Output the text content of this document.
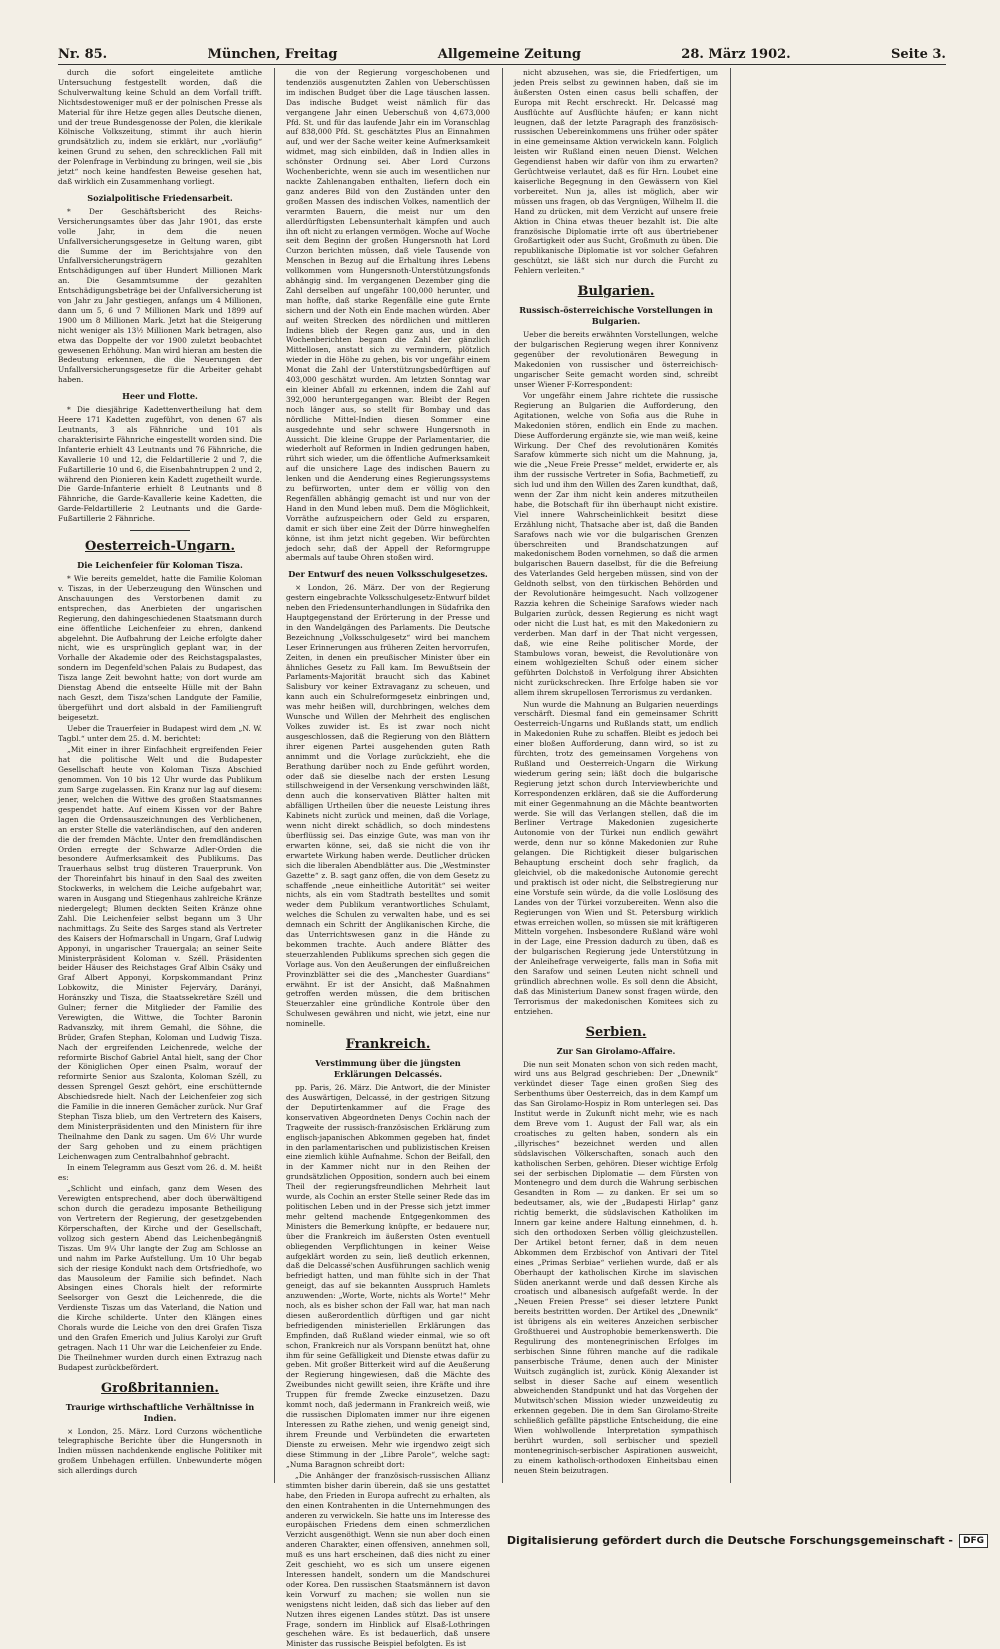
Nr. 85.	München, Freitag	Allgemeine Zeitung	28. März 1902.	Seite 3.

durch die sofort eingeleitete amtliche Untersuchung festgestellt worden, daß die Schulverwaltung keine Schuld an dem Vorfall trifft. Nichtsdestoweniger muß er der polnischen Presse als Material für ihre Hetze gegen alles Deutsche dienen, und der treue Bundesgenosse der Polen, die klerikale Kölnische Volkszeitung, stimmt ihr auch hierin grundsätzlich zu, indem sie erklärt, nur „vorläufig“ keinen Grund zu sehen, den schrecklichen Fall mit der Polenfrage in Verbindung zu bringen, weil sie „bis jetzt“ noch keine handfesten Beweise gesehen hat, daß wirklich ein Zusammenhang vorliegt.

Sozialpolitische Friedensarbeit.

* Der Geschäftsbericht des Reichs-Versicherungsamtes über das Jahr 1901, das erste volle Jahr, in dem die neuen Unfallversicherungsgesetze in Geltung waren, gibt die Summe der im Berichtsjahre von den Unfallversicherungsträgern gezahlten Entschädigungen auf über Hundert Millionen Mark an. Die Gesammtsumme der gezahlten Entschädigungsbeträge bei der Unfallversicherung ist von Jahr zu Jahr gestiegen, anfangs um 4 Millionen, dann um 5, 6 und 7 Millionen Mark und 1899 auf 1900 um 8 Millionen Mark. Jetzt hat die Steigerung nicht weniger als 13½ Millionen Mark betragen, also etwa das Doppelte der vor 1900 zuletzt beobachtet gewesenen Erhöhung. Man wird hieran am besten die Bedeutung erkennen, die die Neuerungen der Unfallversicherungsgesetze für die Arbeiter gehabt haben.

Heer und Flotte.

* Die diesjährige Kadettenvertheilung hat dem Heere 171 Kadetten zugeführt, von denen 67 als Leutnants, 3 als Fähnriche und 101 als charakterisirte Fähnriche eingestellt worden sind. Die Infanterie erhielt 43 Leutnants und 76 Fähnriche, die Kavallerie 10 und 12, die Feldartillerie 2 und 7, die Fußartillerie 10 und 6, die Eisenbahntruppen 2 und 2, während den Pionieren kein Kadett zugetheilt wurde. Die Garde-Infanterie erhielt 8 Leutnants und 8 Fähnriche, die Garde-Kavallerie keine Kadetten, die Garde-Feldartillerie 2 Leutnants und die Garde-Fußartillerie 2 Fähnriche.

Oesterreich-Ungarn.
Die Leichenfeier für Koloman Tisza.

* Wie bereits gemeldet, hatte die Familie Koloman v. Tiszas, in der Ueberzeugung den Wünschen und Anschauungen des Verstorbenen damit zu entsprechen, das Anerbieten der ungarischen Regierung, den dahingeschiedenen Staatsmann durch eine öffentliche Leichenfeier zu ehren, dankend abgelehnt. Die Aufbahrung der Leiche erfolgte daher nicht, wie es ursprünglich geplant war, in der Vorhalle der Akademie oder des Reichstagspalastes, sondern im Degenfeld'schen Palais zu Budapest, das Tisza lange Zeit bewohnt hatte; von dort wurde am Dienstag Abend die entseelte Hülle mit der Bahn nach Geszt, dem Tisza'schen Landgute der Familie, übergeführt und dort alsbald in der Familiengruft beigesetzt.

Ueber die Trauerfeier in Budapest wird dem „N. W. Tagbl.“ unter dem 25. d. M. berichtet:

„Mit einer in ihrer Einfachheit ergreifenden Feier hat die politische Welt und die Budapester Gesellschaft heute von Koloman Tisza Abschied genommen. Von 10 bis 12 Uhr wurde das Publikum zum Sarge zugelassen. Ein Kranz nur lag auf diesem: jener, welchen die Wittwe des großen Staatsmannes gespendet hatte. Auf einem Kissen vor der Bahre lagen die Ordensauszeichnungen des Verblichenen, an erster Stelle die vaterländischen, auf den anderen die der fremden Mächte. Unter den fremdländischen Orden erregte der Schwarze Adler-Orden die besondere Aufmerksamkeit des Publikums. Das Trauerhaus selbst trug düsteren Trauerprunk. Von der Thoreinfahrt bis hinauf in den Saal des zweiten Stockwerks, in welchem die Leiche aufgebahrt war, waren in Ausgang und Stiegenhaus zahlreiche Kränze niedergelegt; Blumen deckten Seiten Kränze ohne Zahl. Die Leichenfeier selbst begann um 3 Uhr nachmittags. Zu Seite des Sarges stand als Vertreter des Kaisers der Hofmarschall in Ungarn, Graf Ludwig Apponyi, in ungarischer Trauergala; an seiner Seite Ministerpräsident Koloman v. Széll. Präsidenten beider Häuser des Reichstages Graf Albin Csáky und Graf Albert Apponyi, Korpskommandant Prinz Lobkowitz, die Minister Fejerváry, Darányi, Horánszky und Tisza, die Staatssekretäre Széll und Gulner; ferner die Mitglieder der Familie des Verewigten, die Wittwe, die Tochter Baronin Radvanszky, mit ihrem Gemahl, die Söhne, die Brüder, Grafen Stephan, Koloman und Ludwig Tisza. Nach der ergreifenden Leichenrede, welche der reformirte Bischof Gabriel Antal hielt, sang der Chor der Königlichen Oper einen Psalm, worauf der reformirte Senior aus Szalonta, Koloman Széll, zu dessen Sprengel Geszt gehört, eine erschütternde Abschiedsrede hielt. Nach der Leichenfeier zog sich die Familie in die inneren Gemächer zurück. Nur Graf Stephan Tisza blieb, um den Vertretern des Kaisers, dem Ministerpräsidenten und den Ministern für ihre Theilnahme den Dank zu sagen. Um 6½ Uhr wurde der Sarg gehoben und zu einem prächtigen Leichenwagen zum Centralbahnhof gebracht.

In einem Telegramm aus Geszt vom 26. d. M. heißt es:

„Schlicht und einfach, ganz dem Wesen des Verewigten entsprechend, aber doch überwältigend schon durch die geradezu imposante Betheiligung von Vertretern der Regierung, der gesetzgebenden Körperschaften, der Kirche und der Gesellschaft, vollzog sich gestern Abend das Leichenbegängniß Tiszas. Um 9¼ Uhr langte der Zug am Schlosse an und nahm im Parke Aufstellung. Um 10 Uhr begab sich der riesige Kondukt nach dem Ortsfriedhofe, wo das Mausoleum der Familie sich befindet. Nach Absingen eines Chorals hielt der reformirte Seelsorger von Geszt die Leichenrede, die die Verdienste Tiszas um das Vaterland, die Nation und die Kirche schilderte. Unter den Klängen eines Chorals wurde die Leiche von den drei Grafen Tisza und den Grafen Emerich und Julius Karolyi zur Gruft getragen. Nach 11 Uhr war die Leichenfeier zu Ende. Die Theilnehmer wurden durch einen Extrazug nach Budapest zurückbefördert.

Großbritannien.
Traurige wirthschaftliche Verhältnisse in Indien.

× London, 25. März. Lord Curzons wöchentliche telegraphische Berichte über die Hungersnoth in Indien müssen nachdenkende englische Politiker mit großem Unbehagen erfüllen. Unbewunderte mögen sich allerdings durch

die von der Regierung vorgeschobenen und tendenziös ausgenutzten Zahlen von Ueberschüssen im indischen Budget über die Lage täuschen lassen. Das indische Budget weist nämlich für das vergangene Jahr einen Ueberschuß von 4,673,000 Pfd. St. und für das laufende Jahr ein im Voranschlag auf 838,000 Pfd. St. geschätztes Plus an Einnahmen auf, und wer der Sache weiter keine Aufmerksamkeit widmet, mag sich einbilden, daß in Indien alles in schönster Ordnung sei. Aber Lord Curzons Wochenberichte, wenn sie auch im wesentlichen nur nackte Zahlenangaben enthalten, liefern doch ein ganz anderes Bild von den Zuständen unter den großen Massen des indischen Volkes, namentlich der verarmten Bauern, die meist nur um den allerdürftigsten Lebensunterhalt kämpfen und auch ihn oft nicht zu erlangen vermögen. Woche auf Woche seit dem Beginn der großen Hungersnoth hat Lord Curzon berichten müssen, daß viele Tausende von Menschen in Bezug auf die Erhaltung ihres Lebens vollkommen vom Hungersnoth-Unterstützungsfonds abhängig sind. Im vergangenen Dezember ging die Zahl derselben auf ungefähr 100,000 herunter, und man hoffte, daß starke Regenfälle eine gute Ernte sichern und der Noth ein Ende machen würden. Aber auf weiten Strecken des nördlichen und mittleren Indiens blieb der Regen ganz aus, und in den Wochenberichten begann die Zahl der gänzlich Mittellosen, anstatt sich zu vermindern, plötzlich wieder in die Höhe zu gehen, bis vor ungefähr einem Monat die Zahl der Unterstützungsbedürftigen auf 403,000 geschätzt wurden. Am letzten Sonntag war ein kleiner Abfall zu erkennen, indem die Zahl auf 392,000 heruntergegangen war. Bleibt der Regen noch länger aus, so stellt für Bombay und das nördliche Mittel-Indien diesen Sommer eine ausgedehnte und sehr schwere Hungersnoth in Aussicht. Die kleine Gruppe der Parlamentarier, die wiederholt auf Reformen in Indien gedrungen haben, rührt sich wieder, um die öffentliche Aufmerksamkeit auf die unsichere Lage des indischen Bauern zu lenken und die Aenderung eines Regierungssystems zu befürworten, unter dem er völlig von den Regenfällen abhängig gemacht ist und nur von der Hand in den Mund leben muß. Dem die Möglichkeit, Vorräthe aufzuspeichern oder Geld zu ersparen, damit er sich über eine Zeit der Dürre hinweghelfen könne, ist ihm jetzt nicht gegeben. Wir befürchten jedoch sehr, daß der Appell der Reformgruppe abermals auf taube Ohren stoßen wird.

Der Entwurf des neuen Volksschulgesetzes.

× London, 26. März. Der von der Regierung gestern eingebrachte Volksschulgesetz-Entwurf bildet neben den Friedensunterhandlungen in Südafrika den Hauptgegenstand der Erörterung in der Presse und in den Wandelgängen des Parlaments. Die Deutsche Bezeichnung „Volksschulgesetz“ wird bei manchem Leser Erinnerungen aus früheren Zeiten hervorrufen, Zeiten, in denen ein preußischer Minister über ein ähnliches Gesetz zu Fall kam. Im Bewußtsein der Parlaments-Majorität braucht sich das Kabinet Salisbury vor keiner Extravaganz zu scheuen, und kann auch ein Schulreformgesetz einbringen und, was mehr heißen will, durchbringen, welches dem Wunsche und Willen der Mehrheit des englischen Volkes zuwider ist. Es ist zwar noch nicht ausgeschlossen, daß die Regierung von den Blättern ihrer eigenen Partei ausgehenden guten Rath annimmt und die Vorlage zurückzieht, ehe die Berathung darüber noch zu Ende geführt worden, oder daß sie dieselbe nach der ersten Lesung stillschweigend in der Versenkung verschwinden läßt, denn auch die konservativen Blätter halten mit abfälligen Urtheilen über die neueste Leistung ihres Kabinets nicht zurück und meinen, daß die Vorlage, wenn nicht direkt schädlich, so doch mindestens überflüssig sei. Das einzige Gute, was man von ihr erwarten könne, sei, daß sie nicht die von ihr erwartete Wirkung haben werde. Deutlicher drücken sich die liberalen Abendblätter aus. Die „Westminster Gazette“ z. B. sagt ganz offen, die von dem Gesetz zu schaffende „neue einheitliche Autorität“ sei weiter nichts, als ein vom Stadtrath bestelltes und somit weder dem Publikum verantwortliches Schulamt, welches die Schulen zu verwalten habe, und es sei demnach ein Schritt der Anglikanischen Kirche, die das Unterrichtswesen ganz in die Hände zu bekommen trachte. Auch andere Blätter des steuerzahlenden Publikums sprechen sich gegen die Vorlage aus. Von den Aeußerungen der einflußreichen Provinzblätter sei die des „Manchester Guardians“ erwähnt. Er ist der Ansicht, daß Maßnahmen getroffen werden müssen, die dem britischen Steuerzahler eine gründliche Kontrole über den Schulwesen gewähren und nicht, wie jetzt, eine nur nominelle.

Frankreich.
Verstimmung über die jüngsten Erklärungen Delcassés.

pp. Paris, 26. März. Die Antwort, die der Minister des Auswärtigen, Delcassé, in der gestrigen Sitzung der Deputirtenkammer auf die Frage des konservativen Abgeordneten Denys Cochin nach der Tragweite der russisch-französischen Erklärung zum englisch-japanischen Abkommen gegeben hat, findet in den parlamentarischen und publizistischen Kreisen eine ziemlich kühle Aufnahme. Schon der Beifall, den in der Kammer nicht nur in den Reihen der grundsätzlichen Opposition, sondern auch bei einem Theil der regierungsfreundlichen Mehrheit laut wurde, als Cochin an erster Stelle seiner Rede das im politischen Leben und in der Presse sich jetzt immer mehr geltend machende Entgegenkommen des Ministers die Bemerkung knüpfte, er bedauere nur, über die Frankreich im äußersten Osten eventuell obliegenden Verpflichtungen in keiner Weise aufgeklärt worden zu sein, ließ deutlich erkennen, daß die Delcassé'schen Ausführungen sachlich wenig befriedigt hatten, und man fühlte sich in der That geneigt, das auf sie bekannten Ausspruch Hamlets anzuwenden: „Worte, Worte, nichts als Worte!“ Mehr noch, als es bisher schon der Fall war, hat man nach diesen außerordentlich dürftigen und gar nicht befriedigenden ministeriellen Erklärungen das Empfinden, daß Rußland wieder einmal, wie so oft schon, Frankreich nur als Vorspann benützt hat, ohne ihm für seine Gefälligkeit und Dienste etwas dafür zu geben. Mit großer Bitterkeit wird auf die Aeußerung der Regierung hingewiesen, daß die Mächte des Zweibundes nicht gewillt seien, ihre Kräfte und ihre Truppen für fremde Zwecke einzusetzen. Dazu kommt noch, daß jedermann in Frankreich weiß, wie die russischen Diplomaten immer nur ihre eigenen Interessen zu Rathe ziehen, und wenig geneigt sind, ihrem Freunde und Verbündeten die erwarteten Dienste zu erweisen. Mehr wie irgendwo zeigt sich diese Stimmung in der „Libre Parole“, welche sagt: „Numa Baragnon schreibt dort:

„Die Anhänger der französisch-russischen Allianz stimmten bisher darin überein, daß sie uns gestattet habe, den Frieden in Europa aufrecht zu erhalten, als den einen Kontrahenten in die Unternehmungen des anderen zu verwickeln. Sie hatte uns im Interesse des europäischen Friedens dem einen schmerzlichen Verzicht ausgenöthigt. Wenn sie nun aber doch einen anderen Charakter, einen offensiven, annehmen soll, muß es uns hart erscheinen, daß dies nicht zu einer Zeit geschieht, wo es sich um unsere eigenen Interessen handelt, sondern um die Mandschurei oder Korea. Den russischen Staatsmännern ist davon kein Vorwurf zu machen; sie wollen nun sie wenigstens nicht leiden, daß sich das lieber auf den Nutzen ihres eigenen Landes stützt. Das ist unsere Frage, sondern im Hinblick auf Elsaß-Lothringen geschehen wäre. Es ist bedauerlich, daß unsere Minister das russische Beispiel befolgten. Es ist

nicht abzusehen, was sie, die Friedfertigen, um jeden Preis selbst zu gewinnen haben, daß sie im äußersten Osten einen casus belli schaffen, der Europa mit Recht erschreckt. Hr. Delcassé mag Ausflüchte auf Ausflüchte häufen; er kann nicht leugnen, daß der letzte Paragraph des französisch-russischen Uebereinkommens uns früher oder später in eine gemeinsame Aktion verwickeln kann. Folglich leisten wir Rußland einen neuen Dienst. Welchen Gegendienst haben wir dafür von ihm zu erwarten? Gerüchtweise verlautet, daß es für Hrn. Loubet eine kaiserliche Begegnung in den Gewässern von Kiel vorbereitet. Nun ja, alles ist möglich, aber wir müssen uns fragen, ob das Vergnügen, Wilhelm II. die Hand zu drücken, mit dem Verzicht auf unsere freie Aktion in China etwas theuer bezahlt ist. Die alte französische Diplomatie irrte oft aus übertriebener Großartigkeit oder aus Sucht, Großmuth zu üben. Die republikanische Diplomatie ist vor solcher Gefahren geschützt, sie läßt sich nur durch die Furcht zu Fehlern verleiten.“

Bulgarien.
Russisch-österreichische Vorstellungen in Bulgarien.

Ueber die bereits erwähnten Vorstellungen, welche der bulgarischen Regierung wegen ihrer Konnivenz gegenüber der revolutionären Bewegung in Makedonien von russischer und österreichisch-ungarischer Seite gemacht worden sind, schreibt unser Wiener F-Korrespondent:

Vor ungefähr einem Jahre richtete die russische Regierung an Bulgarien die Aufforderung, den Agitationen, welche von Sofia aus die Ruhe in Makedonien stören, endlich ein Ende zu machen. Diese Aufforderung ergänzte sie, wie man weiß, keine Wirkung. Der Chef des revolutionären Komités Sarafow kümmerte sich nicht um die Mahnung, ja, wie die „Neue Freie Presse“ meldet, erwiderte er, als ihm der russische Vertreter in Sofia, Bachmetieff, zu sich lud und ihm den Willen des Zaren kundthat, daß, wenn der Zar ihm nicht kein anderes mitzutheilen habe, die Botschaft für ihn überhaupt nicht existire. Viel innere Wahrscheinlichkeit besitzt diese Erzählung nicht, Thatsache aber ist, daß die Banden Sarafows nach wie vor die bulgarischen Grenzen überschreiten und Brandschatzungen auf makedonischem Boden vornehmen, so daß die armen bulgarischen Bauern daselbst, für die die Befreiung des Vaterlandes Geld hergeben müssen, sind von der Geldnoth selbst, von den türkischen Behörden und der Revolutionäre heimgesucht. Nach vollzogener Razzia kehren die Scheinige Sarafows wieder nach Bulgarien zurück, dessen Regierung es nicht wagt oder nicht die Lust hat, es mit den Makedoniern zu verderben. Man darf in der That nicht vergessen, daß, wie eine Reihe politischer Morde, der Stambulows voran, beweist, die Revolutionäre von einem wohlgezielten Schuß oder einem sicher geführten Dolchstoß in Verfolgung ihrer Absichten nicht zurückschrecken. Ihre Erfolge haben sie vor allem ihrem skrupellosen Terrorismus zu verdanken.

Nun wurde die Mahnung an Bulgarien neuerdings verschärft. Diesmal fand ein gemeinsamer Schritt Oesterreich-Ungarns und Rußlands statt, um endlich in Makedonien Ruhe zu schaffen. Bleibt es jedoch bei einer bloßen Aufforderung, dann wird, so ist zu fürchten, trotz des gemeinsamen Vorgehens von Rußland und Oesterreich-Ungarn die Wirkung wiederum gering sein; läßt doch die bulgarische Regierung jetzt schon durch Interviewberichte und Korrespondenzen erklären, daß sie die Aufforderung mit einer Gegenmahnung an die Mächte beantworten werde. Sie will das Verlangen stellen, daß die im Berliner Vertrage Makedonien zugesicherte Autonomie von der Türkei nun endlich gewährt werde, denn nur so könne Makedonien zur Ruhe gelangen. Die Richtigkeit dieser bulgarischen Behauptung erscheint doch sehr fraglich, da gleichviel, ob die makedonische Autonomie gerecht und praktisch ist oder nicht, die Selbstregierung nur eine Vorstufe sein würde, da die volle Loslösung des Landes von der Türkei vorzubereiten. Wenn also die Regierungen von Wien und St. Petersburg wirklich etwas erreichen wollen, so müssen sie mit kräftigeren Mitteln vorgehen. Insbesondere Rußland wäre wohl in der Lage, eine Pression dadurch zu üben, daß es der bulgarischen Regierung jede Unterstützung in der Anleihefrage verweigerte, falls man in Sofia mit den Sarafow und seinen Leuten nicht schnell und gründlich abrechnen wolle. Es soll denn die Absicht, daß das Ministerium Danew sonst fragen würde, den Terrorismus der makedonischen Komitees sich zu entziehen.

Serbien.
Zur San Girolamo-Affaire.

Die nun seit Monaten schon von sich reden macht, wird uns aus Belgrad geschrieben: Der „Dnewnik“ verkündet dieser Tage einen großen Sieg des Serbenthums über Oesterreich, das in dem Kampf um das San Girolamo-Hospiz in Rom unterlegen sei. Das Institut werde in Zukunft nicht mehr, wie es nach dem Breve vom 1. August der Fall war, als ein croatisches zu gelten haben, sondern als ein „illyrisches“ bezeichnet werden und allen südslavischen Völkerschaften, sonach auch den katholischen Serben, gehören. Dieser wichtige Erfolg sei der serbischen Diplomatie — dem Fürsten von Montenegro und dem durch die Wahrung serbischen Gesandten in Rom — zu danken. Er sei um so bedeutsamer, als, wie der „Budapesti Hirlap“ ganz richtig bemerkt, die südslavischen Katholiken im Innern gar keine andere Haltung einnehmen, d. h. sich den orthodoxen Serben völlig gleichzustellen. Der Artikel betont ferner, daß in dem neuen Abkommen dem Erzbischof von Antivari der Titel eines „Primas Serbiae“ verliehen wurde, daß er als Oberhaupt der katholischen Kirche im slavischen Süden anerkannt werde und daß dessen Kirche als croatisch und albanesisch aufgefaßt werde. In der „Neuen Freien Presse“ sei dieser letztere Punkt bereits bestritten worden. Der Artikel des „Dnewnik“ ist übrigens als ein weiteres Anzeichen serbischer Großthuerei und Austrophobie bemerkenswerth. Die Regulirung des montenegrinischen Erfolges im serbischen Sinne führen manche auf die radikale panserbische Träume, denen auch der Minister Wuitsch zugänglich ist, zurück. König Alexander ist selbst in dieser Sache auf einem wesentlich abweichenden Standpunkt und hat das Vorgehen der Mutwitsch'schen Mission wieder unzweideutig zu erkennen gegeben. Die in dem San Girolamo-Streite schließlich gefällte päpstliche Entscheidung, die eine Wien wohlwollende Interpretation sympathisch berührt wurden, soll serbischer und speziell montenegrinisch-serbischer Aspirationen ausweicht, zu einem katholisch-orthodoxen Einheitsbau einen neuen Stein beizutragen.

Digitalisierung gefördert durch die Deutsche Forschungsgemeinschaft -	DFG
